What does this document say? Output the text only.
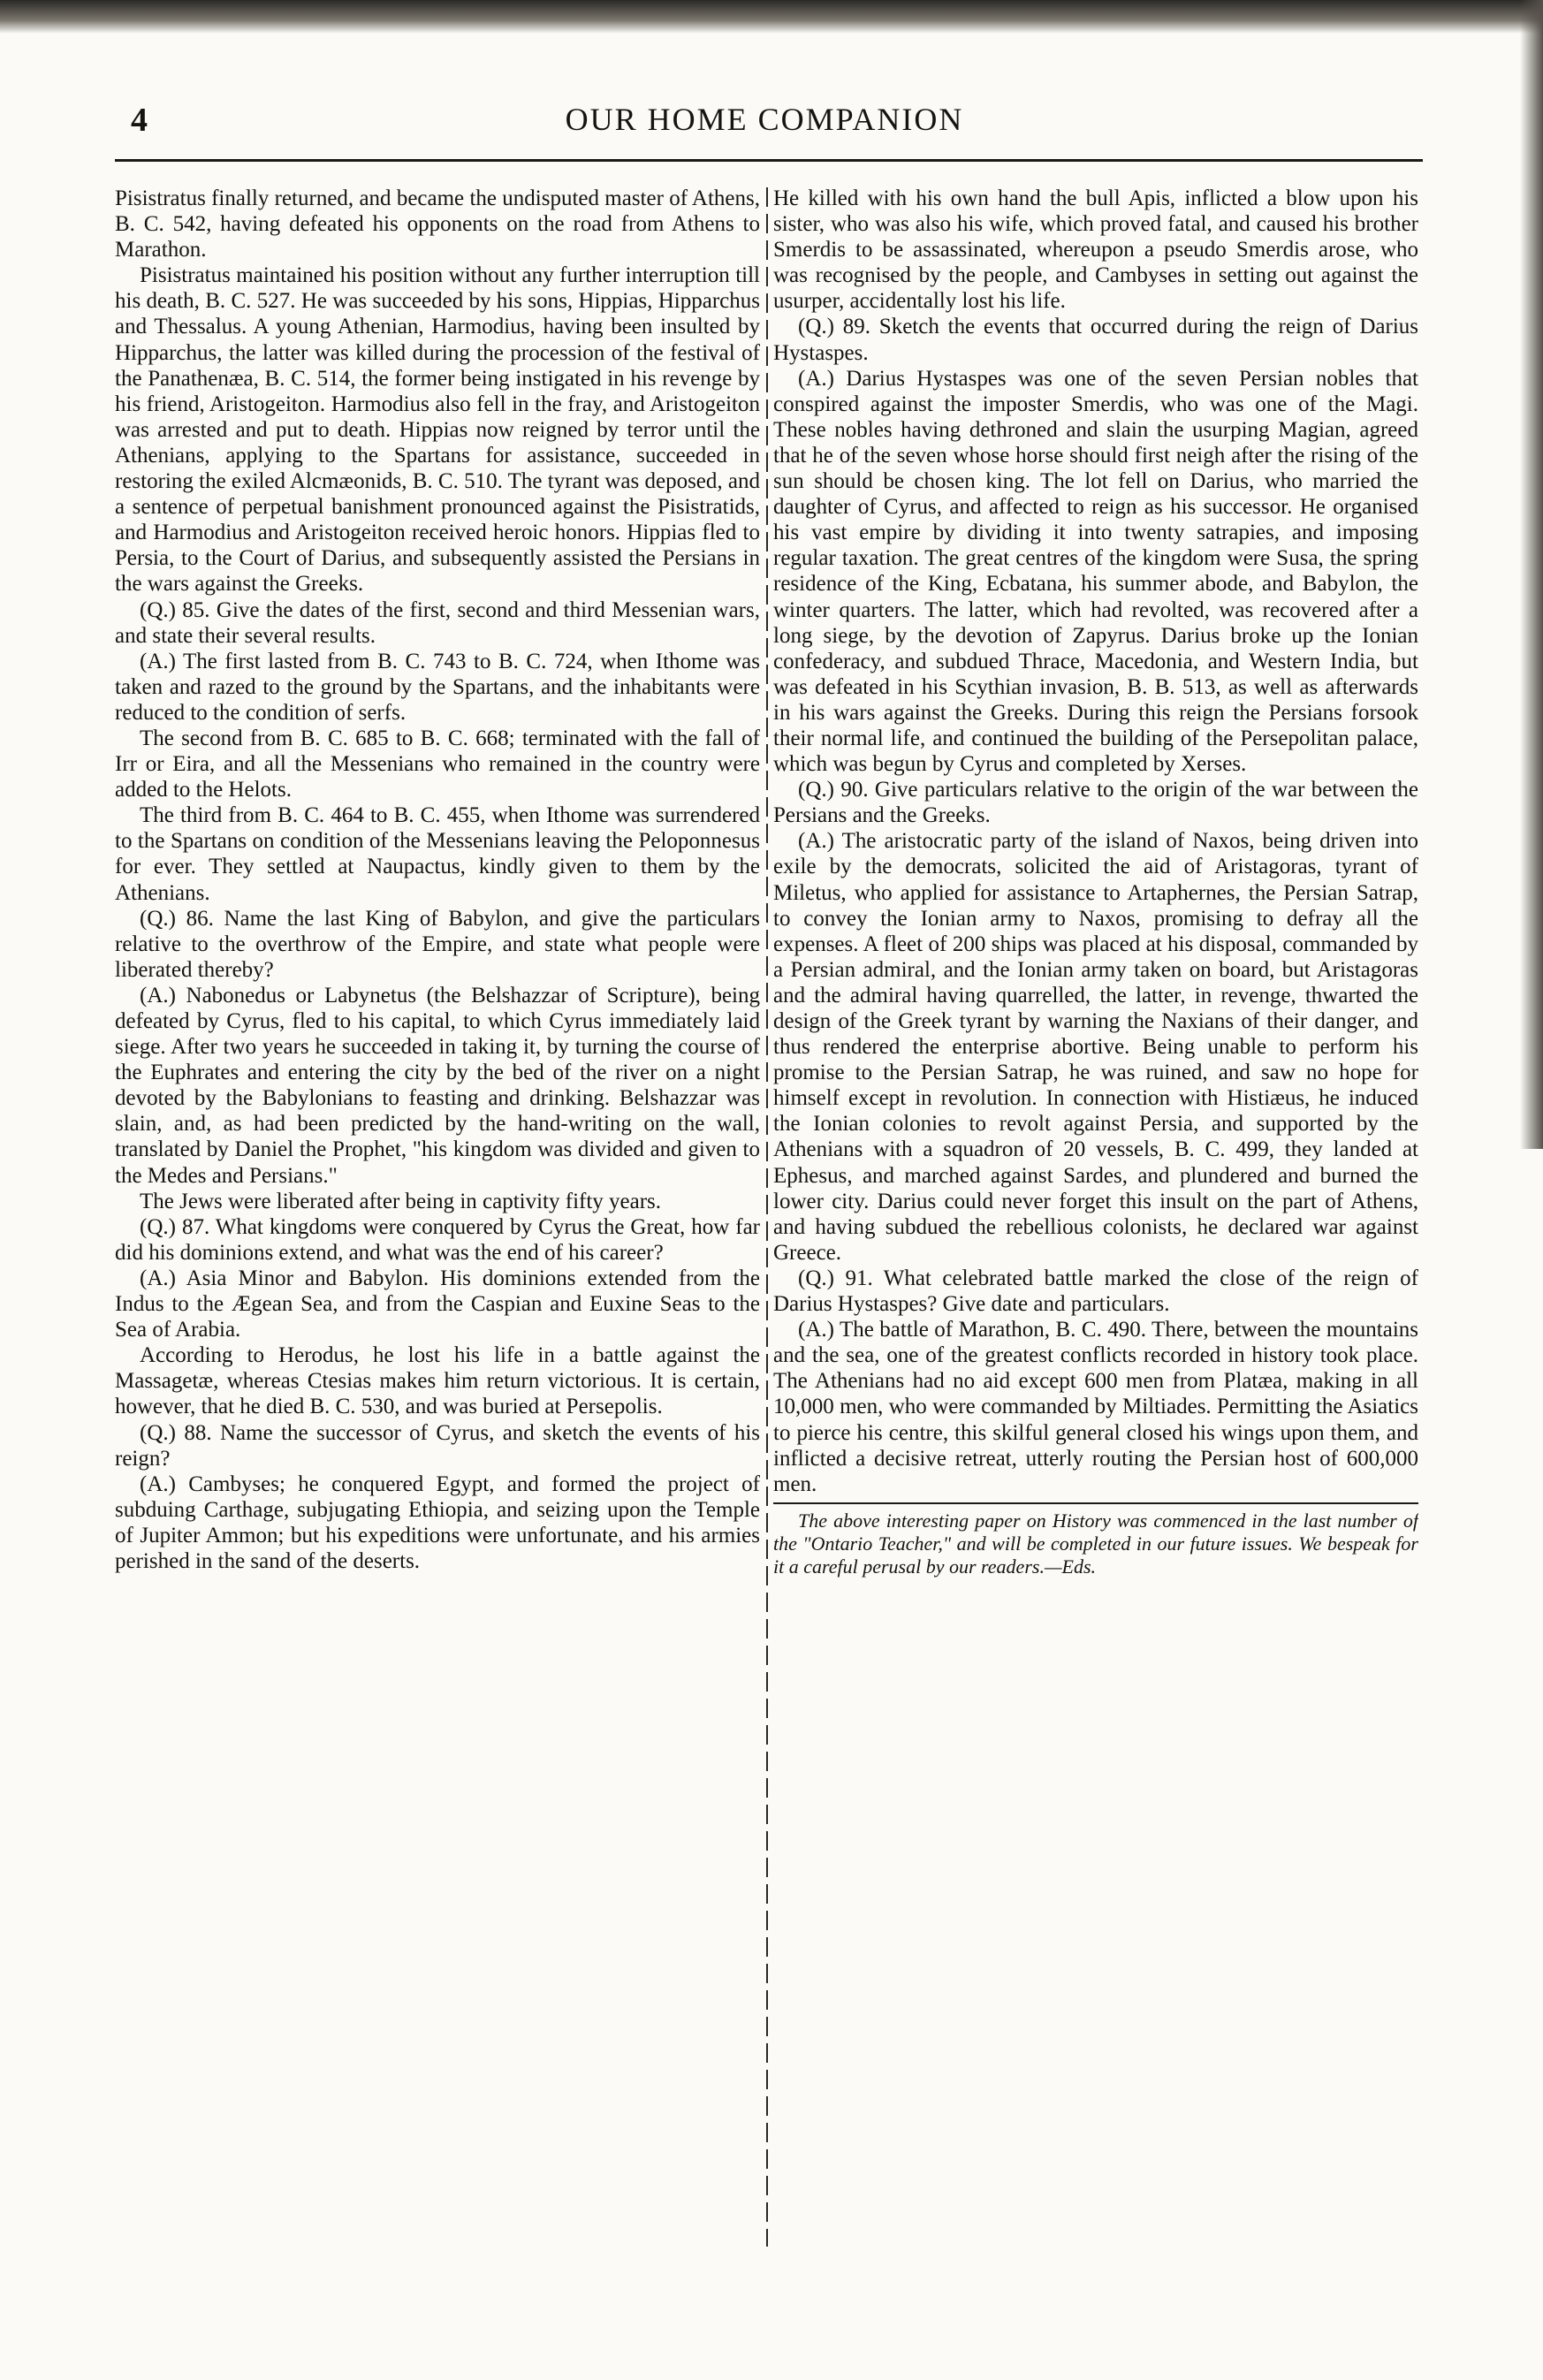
4	OUR HOME COMPANION

Pisistratus finally returned, and became the undisputed master of Athens, B. C. 542, having defeated his opponents on the road from Athens to Marathon.

Pisistratus maintained his position without any further interruption till his death, B. C. 527. He was succeeded by his sons, Hippias, Hipparchus and Thessalus. A young Athenian, Harmodius, having been insulted by Hipparchus, the latter was killed during the procession of the festival of the Panathenæa, B. C. 514, the former being instigated in his revenge by his friend, Aristogeiton. Harmodius also fell in the fray, and Aristogeiton was arrested and put to death. Hippias now reigned by terror until the Athenians, applying to the Spartans for assistance, succeeded in restoring the exiled Alcmæonids, B. C. 510. The tyrant was deposed, and a sentence of perpetual banishment pronounced against the Pisistratids, and Harmodius and Aristogeiton received heroic honors. Hippias fled to Persia, to the Court of Darius, and subsequently assisted the Persians in the wars against the Greeks.

(Q.) 85. Give the dates of the first, second and third Messenian wars, and state their several results.

(A.) The first lasted from B. C. 743 to B. C. 724, when Ithome was taken and razed to the ground by the Spartans, and the inhabitants were reduced to the condition of serfs.

The second from B. C. 685 to B. C. 668; terminated with the fall of Irr or Eira, and all the Messenians who remained in the country were added to the Helots.

The third from B. C. 464 to B. C. 455, when Ithome was surrendered to the Spartans on condition of the Messenians leaving the Peloponnesus for ever. They settled at Naupactus, kindly given to them by the Athenians.

(Q.) 86. Name the last King of Babylon, and give the particulars relative to the overthrow of the Empire, and state what people were liberated thereby?

(A.) Nabonedus or Labynetus (the Belshazzar of Scripture), being defeated by Cyrus, fled to his capital, to which Cyrus immediately laid siege. After two years he succeeded in taking it, by turning the course of the Euphrates and entering the city by the bed of the river on a night devoted by the Babylonians to feasting and drinking. Belshazzar was slain, and, as had been predicted by the hand-writing on the wall, translated by Daniel the Prophet, "his kingdom was divided and given to the Medes and Persians."

The Jews were liberated after being in captivity fifty years.

(Q.) 87. What kingdoms were conquered by Cyrus the Great, how far did his dominions extend, and what was the end of his career?

(A.) Asia Minor and Babylon. His dominions extended from the Indus to the Ægean Sea, and from the Caspian and Euxine Seas to the Sea of Arabia.

According to Herodus, he lost his life in a battle against the Massagetæ, whereas Ctesias makes him return victorious. It is certain, however, that he died B. C. 530, and was buried at Persepolis.

(Q.) 88. Name the successor of Cyrus, and sketch the events of his reign?

(A.) Cambyses; he conquered Egypt, and formed the project of subduing Carthage, subjugating Ethiopia, and seizing upon the Temple of Jupiter Ammon; but his expeditions were unfortunate, and his armies perished in the sand of the deserts.

He killed with his own hand the bull Apis, inflicted a blow upon his sister, who was also his wife, which proved fatal, and caused his brother Smerdis to be assassinated, whereupon a pseudo Smerdis arose, who was recognised by the people, and Cambyses in setting out against the usurper, accidentally lost his life.

(Q.) 89. Sketch the events that occurred during the reign of Darius Hystaspes.

(A.) Darius Hystaspes was one of the seven Persian nobles that conspired against the imposter Smerdis, who was one of the Magi. These nobles having dethroned and slain the usurping Magian, agreed that he of the seven whose horse should first neigh after the rising of the sun should be chosen king. The lot fell on Darius, who married the daughter of Cyrus, and affected to reign as his successor. He organised his vast empire by dividing it into twenty satrapies, and imposing regular taxation. The great centres of the kingdom were Susa, the spring residence of the King, Ecbatana, his summer abode, and Babylon, the winter quarters. The latter, which had revolted, was recovered after a long siege, by the devotion of Zapyrus. Darius broke up the Ionian confederacy, and subdued Thrace, Macedonia, and Western India, but was defeated in his Scythian invasion, B. B. 513, as well as afterwards in his wars against the Greeks. During this reign the Persians forsook their normal life, and continued the building of the Persepolitan palace, which was begun by Cyrus and completed by Xerses.

(Q.) 90. Give particulars relative to the origin of the war between the Persians and the Greeks.

(A.) The aristocratic party of the island of Naxos, being driven into exile by the democrats, solicited the aid of Aristagoras, tyrant of Miletus, who applied for assistance to Artaphernes, the Persian Satrap, to convey the Ionian army to Naxos, promising to defray all the expenses. A fleet of 200 ships was placed at his disposal, commanded by a Persian admiral, and the Ionian army taken on board, but Aristagoras and the admiral having quarrelled, the latter, in revenge, thwarted the design of the Greek tyrant by warning the Naxians of their danger, and thus rendered the enterprise abortive. Being unable to perform his promise to the Persian Satrap, he was ruined, and saw no hope for himself except in revolution. In connection with Histiæus, he induced the Ionian colonies to revolt against Persia, and supported by the Athenians with a squadron of 20 vessels, B. C. 499, they landed at Ephesus, and marched against Sardes, and plundered and burned the lower city. Darius could never forget this insult on the part of Athens, and having subdued the rebellious colonists, he declared war against Greece.

(Q.) 91. What celebrated battle marked the close of the reign of Darius Hystaspes? Give date and particulars.

(A.) The battle of Marathon, B. C. 490. There, between the mountains and the sea, one of the greatest conflicts recorded in history took place. The Athenians had no aid except 600 men from Platæa, making in all 10,000 men, who were commanded by Miltiades. Permitting the Asiatics to pierce his centre, this skilful general closed his wings upon them, and inflicted a decisive retreat, utterly routing the Persian host of 600,000 men.

The above interesting paper on History was commenced in the last number of the "Ontario Teacher," and will be completed in our future issues. We bespeak for it a careful perusal by our readers.—Eds.
